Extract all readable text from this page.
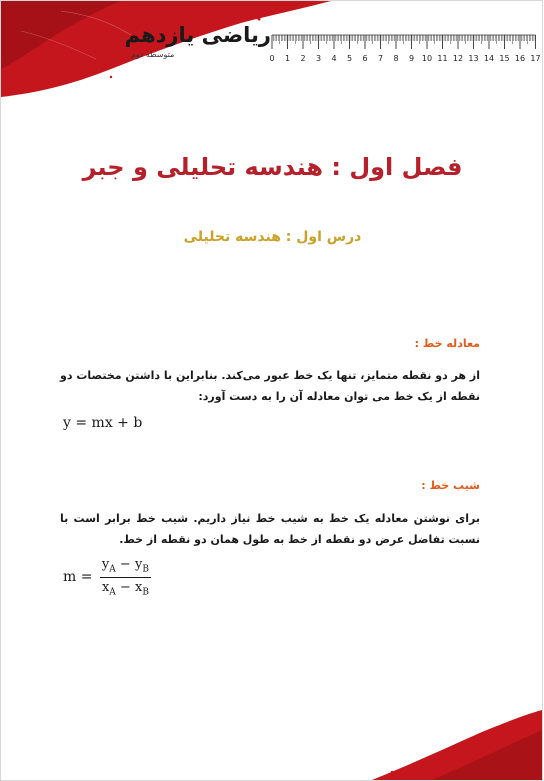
ریاضی یازدهم
متوسطه دوم	0 1 2 3 4 5 6 7 8 9 10 11 12 13 14 15 16 17
فصل اول : هندسه تحلیلی و جبر
درس اول : هندسه تحلیلی
معادله خط :
از هر دو نقطه متمایز، تنها یک خط عبور می‌کند. بنابراین با داشتن مختصات دو نقطه از یک خط می توان معادله آن را به دست آورد:
y = mx + b
شیب خط :
برای نوشتن معادله یک خط به شیب خط نیاز داریم. شیب خط برابر است با نسبت تفاضل عرض دو نقطه از خط به طول همان دو نقطه از خط.
$m = \frac{y_A - y_B}{x_A - x_B}$
